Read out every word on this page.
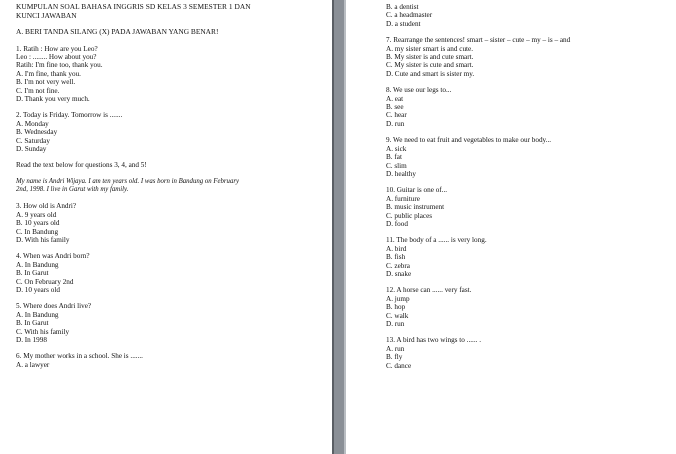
KUMPULAN SOAL BAHASA INGGRIS SD KELAS 3 SEMESTER 1 DAN
KUNCI JAWABAN
A. BERI TANDA SILANG (X) PADA JAWABAN YANG BENAR!
1. Ratih : How are you Leo?
Leo : ........ How about you?
Ratih: I'm fine too, thank you.
A. I'm fine, thank you.
B. I'm not very well.
C. I'm not fine.
D. Thank you very much.
2. Today is Friday. Tomorrow is .......
A. Monday
B. Wednesday
C. Saturday
D. Sunday
Read the text below for questions 3, 4, and 5!
My name is Andri Wijaya. I am ten years old. I was born in Bandung on February
2nd, 1998. I live in Garut with my family.
3. How old is Andri?
A. 9 years old
B. 10 years old
C. In Bandung
D. With his family
4. When was Andri born?
A. In Bandung
B. In Garut
C. On February 2nd
D. 10 years old
5. Where does Andri live?
A. In Bandung
B. In Garut
C. With his family
D. In 1998
6. My mother works in a school. She is .......
A. a lawyer
B. a dentist
C. a headmaster
D. a student
7. Rearrange the sentences! smart – sister – cute – my – is – and
A. my sister smart is and cute.
B. My sister is and cute smart.
C. My sister is cute and smart.
D. Cute and smart is sister my.
8. We use our legs to...
A. eat
B. see
C. hear
D. run
9. We need to eat fruit and vegetables to make our body...
A. sick
B. fat
C. slim
D. healthy
10. Guitar is one of...
A. furniture
B. music instrument
C. public places
D. food
11. The body of a ...... is very long.
A. bird
B. fish
C. zebra
D. snake
12. A horse can ...... very fast.
A. jump
B. hop
C. walk
D. run
13. A bird has two wings to ...... .
A. run
B. fly
C. dance
